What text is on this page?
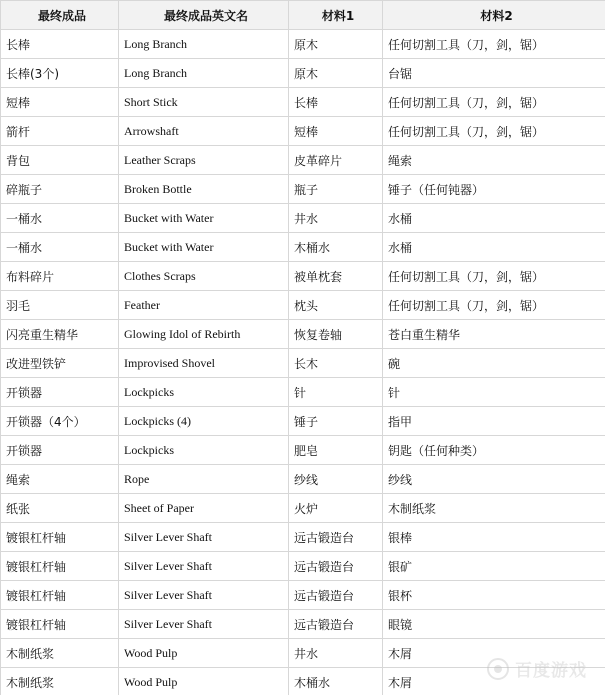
最终成品	最终成品英文名	材料1	材料2
长棒	Long Branch	原木	任何切割工具（刀，剑，锯）
长棒(3个)	Long Branch	原木	台锯
短棒	Short Stick	长棒	任何切割工具（刀，剑，锯）
箭杆	Arrowshaft	短棒	任何切割工具（刀，剑，锯）
背包	Leather Scraps	皮革碎片	绳索
碎瓶子	Broken Bottle	瓶子	锤子（任何钝器）
一桶水	Bucket with Water	井水	水桶
一桶水	Bucket with Water	木桶水	水桶
布料碎片	Clothes Scraps	被单枕套	任何切割工具（刀，剑，锯）
羽毛	Feather	枕头	任何切割工具（刀，剑，锯）
闪亮重生精华	Glowing Idol of Rebirth	恢复卷轴	苍白重生精华
改进型铁铲	Improvised Shovel	长木	碗
开锁器	Lockpicks	针	针
开锁器（4个）	Lockpicks (4)	锤子	指甲
开锁器	Lockpicks	肥皂	钥匙（任何种类）
绳索	Rope	纱线	纱线
纸张	Sheet of Paper	火炉	木制纸浆
镀银杠杆轴	Silver Lever Shaft	远古锻造台	银棒
镀银杠杆轴	Silver Lever Shaft	远古锻造台	银矿
镀银杠杆轴	Silver Lever Shaft	远古锻造台	银杯
镀银杠杆轴	Silver Lever Shaft	远古锻造台	眼镜
木制纸浆	Wood Pulp	井水	木屑
木制纸浆	Wood Pulp	木桶水	木屑
百度游戏
